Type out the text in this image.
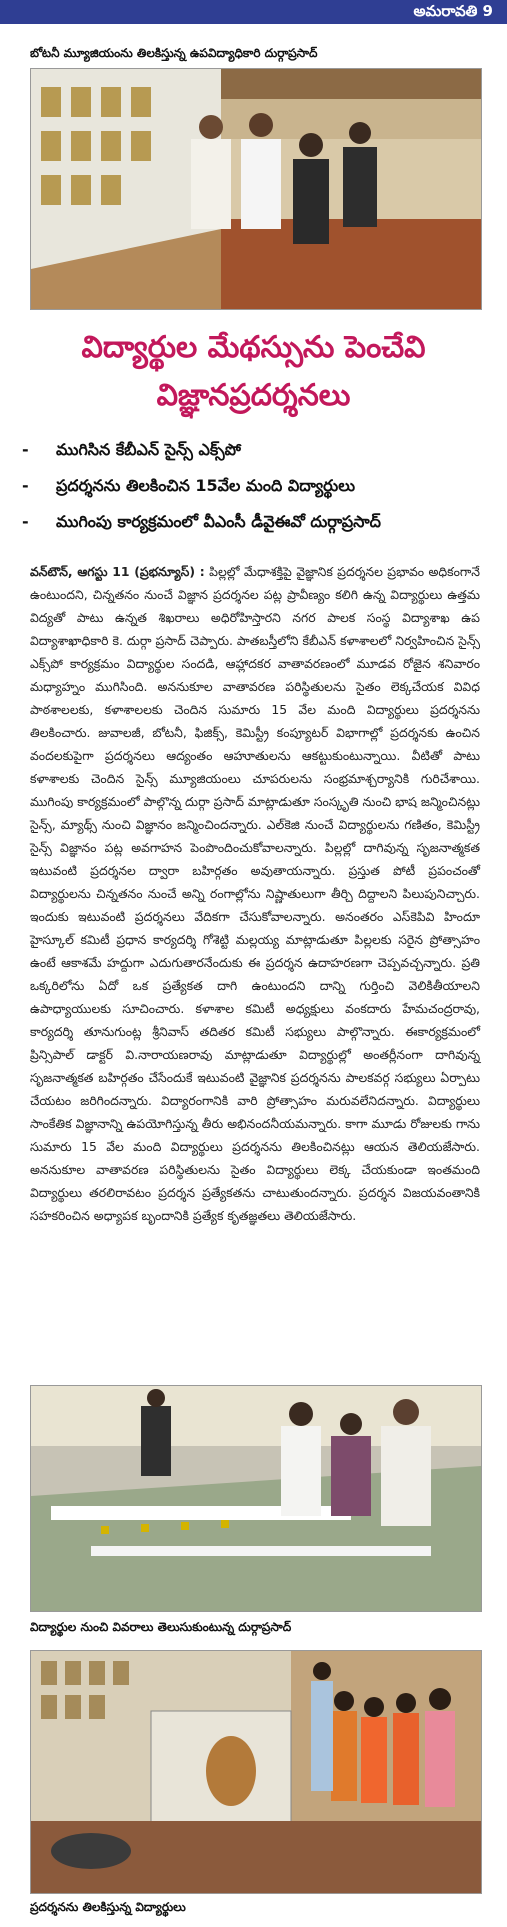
అమరావతి 9
బోటనీ మ్యూజియంను తిలకిస్తున్న ఉపవిద్యాధికారి దుర్గాప్రసాద్
విద్యార్థుల మేథస్సును పెంచేవి
విజ్ఞానప్రదర్శనలు
-	ముగిసిన కేబీఎన్ సైన్స్ ఎక్స్‌పో
-	ప్రదర్శనను తిలకించిన 15వేల మంది విద్యార్థులు
-	ముగింపు కార్యక్రమంలో వీఎంసీ డీవైఈవో దుర్గాప్రసాద్
వన్‌టౌన్, ఆగస్టు 11 (ప్రభన్యూస్) : పిల్లల్లో మేధాశక్తిపై వైజ్ఞానిక ప్రదర్శనల ప్రభావం అధికంగానే ఉంటుందని, చిన్నతనం నుంచే విజ్ఞాన ప్రదర్శనల పట్ల ప్రావీణ్యం కలిగి ఉన్న విద్యార్థులు ఉత్తమ విద్యతో పాటు ఉన్నత శిఖరాలు అధిరోహిస్తారని నగర పాలక సంస్థ విద్యాశాఖ ఉప విద్యాశాఖాధికారి కె. దుర్గా ప్రసాద్ చెప్పారు. పాతబస్తీలోని కేబీఎన్ కళాశాలలో నిర్వహించిన సైన్స్ ఎక్స్‌పో కార్యక్రమం విద్యార్థుల సందడి, ఆహ్లాదకర వాతావరణంలో మూడవ రోజైన శనివారం మధ్యాహ్నం ముగిసింది. అననుకూల వాతావరణ పరిస్థితులను సైతం లెక్కచేయక వివిధ పాఠశాలలకు, కళాశాలలకు చెందిన సుమారు 15 వేల మంది విద్యార్థులు ప్రదర్శనను తిలకించారు. జువాలజీ, బోటనీ, ఫిజిక్స్, కెమిస్ట్రీ కంప్యూటర్ విభాగాల్లో ప్రదర్శనకు ఉంచిన వందలకుపైగా ప్రదర్శనలు ఆద్యంతం ఆహూతులను ఆకట్టుకుంటున్నాయి. వీటితో పాటు కళాశాలకు చెందిన సైన్స్ మ్యూజియంలు చూపరులను సంభ్రమాశ్చర్యానికి గురిచేశాయి. ముగింపు కార్యక్రమంలో పాల్గొన్న దుర్గా ప్రసాద్ మాట్లాడుతూ సంస్కృతి నుంచి భాష జన్మించినట్లు సైన్స్, మ్యాథ్స్ నుంచి విజ్ఞానం జన్మించిందన్నారు. ఎల్‌కెజి నుంచే విద్యార్థులను గణితం, కెమిస్ట్రీ సైన్స్ విజ్ఞానం పట్ల అవగాహన పెంపొందించుకోవాలన్నారు. పిల్లల్లో దాగివున్న సృజనాత్మకత ఇటువంటి ప్రదర్శనల ద్వారా బహిర్గతం అవుతాయన్నారు. ప్రస్తుత పోటీ ప్రపంచంతో విద్యార్థులను చిన్నతనం నుంచే అన్ని రంగాల్లోను నిష్ణాతులుగా తీర్చి దిద్దాలని పిలుపునిచ్చారు. ఇందుకు ఇటువంటి ప్రదర్శనలు వేదికగా చేసుకోవాలన్నారు. అనంతరం ఎస్‌కెపివి హిందూ హైస్కూల్ కమిటీ ప్రధాన కార్యదర్శి గోశెట్టి మల్లయ్య మాట్లాడుతూ పిల్లలకు సరైన ప్రోత్సాహం ఉంటే ఆకాశమే హద్దుగా ఎదుగుతారనేందుకు ఈ ప్రదర్శన ఉదాహరణగా చెప్పవచ్చన్నారు. ప్రతి ఒక్కరిలోను ఏదో ఒక ప్రత్యేకత దాగి ఉంటుందని దాన్ని గుర్తించి వెలికితీయాలని ఉపాధ్యాయులకు సూచించారు. కళాశాల కమిటీ అధ్యక్షులు వంకదారు హేమచంద్రరావు, కార్యదర్శి తూనుగుంట్ల శ్రీనివాస్ తదితర కమిటీ సభ్యులు పాల్గొన్నారు. ఈకార్యక్రమంలో ప్రిన్సిపాల్ డాక్టర్ వి.నారాయణరావు మాట్లాడుతూ విద్యార్థుల్లో అంతర్లీనంగా దాగివున్న సృజనాత్మకత బహిర్గతం చేసేందుకే ఇటువంటి వైజ్ఞానిక ప్రదర్శనను పాలకవర్గ సభ్యులు ఏర్పాటు చేయటం జరిగిందన్నారు. విద్యారంగానికి వారి ప్రోత్సాహం మరువలేనిదన్నారు. విద్యార్థులు సాంకేతిక విజ్ఞానాన్ని ఉపయోగిస్తున్న తీరు అభినందనీయమన్నారు. కాగా మూడు రోజులకు గాను సుమారు 15 వేల మంది విద్యార్థులు ప్రదర్శనను తిలకించినట్లు ఆయన తెలియజేసారు. అననుకూల వాతావరణ పరిస్థితులను సైతం విద్యార్థులు లెక్క చేయకుండా ఇంతమంది విద్యార్థులు తరలిరావటం ప్రదర్శన ప్రత్యేకతను చాటుతుందన్నారు. ప్రదర్శన విజయవంతానికి సహకరించిన అధ్యాపక బృందానికి ప్రత్యేక కృతజ్ఞతలు తెలియజేసారు.
విద్యార్థుల నుంచి వివరాలు తెలుసుకుంటున్న దుర్గాప్రసాద్
ప్రదర్శనను తిలకిస్తున్న విద్యార్థులు
